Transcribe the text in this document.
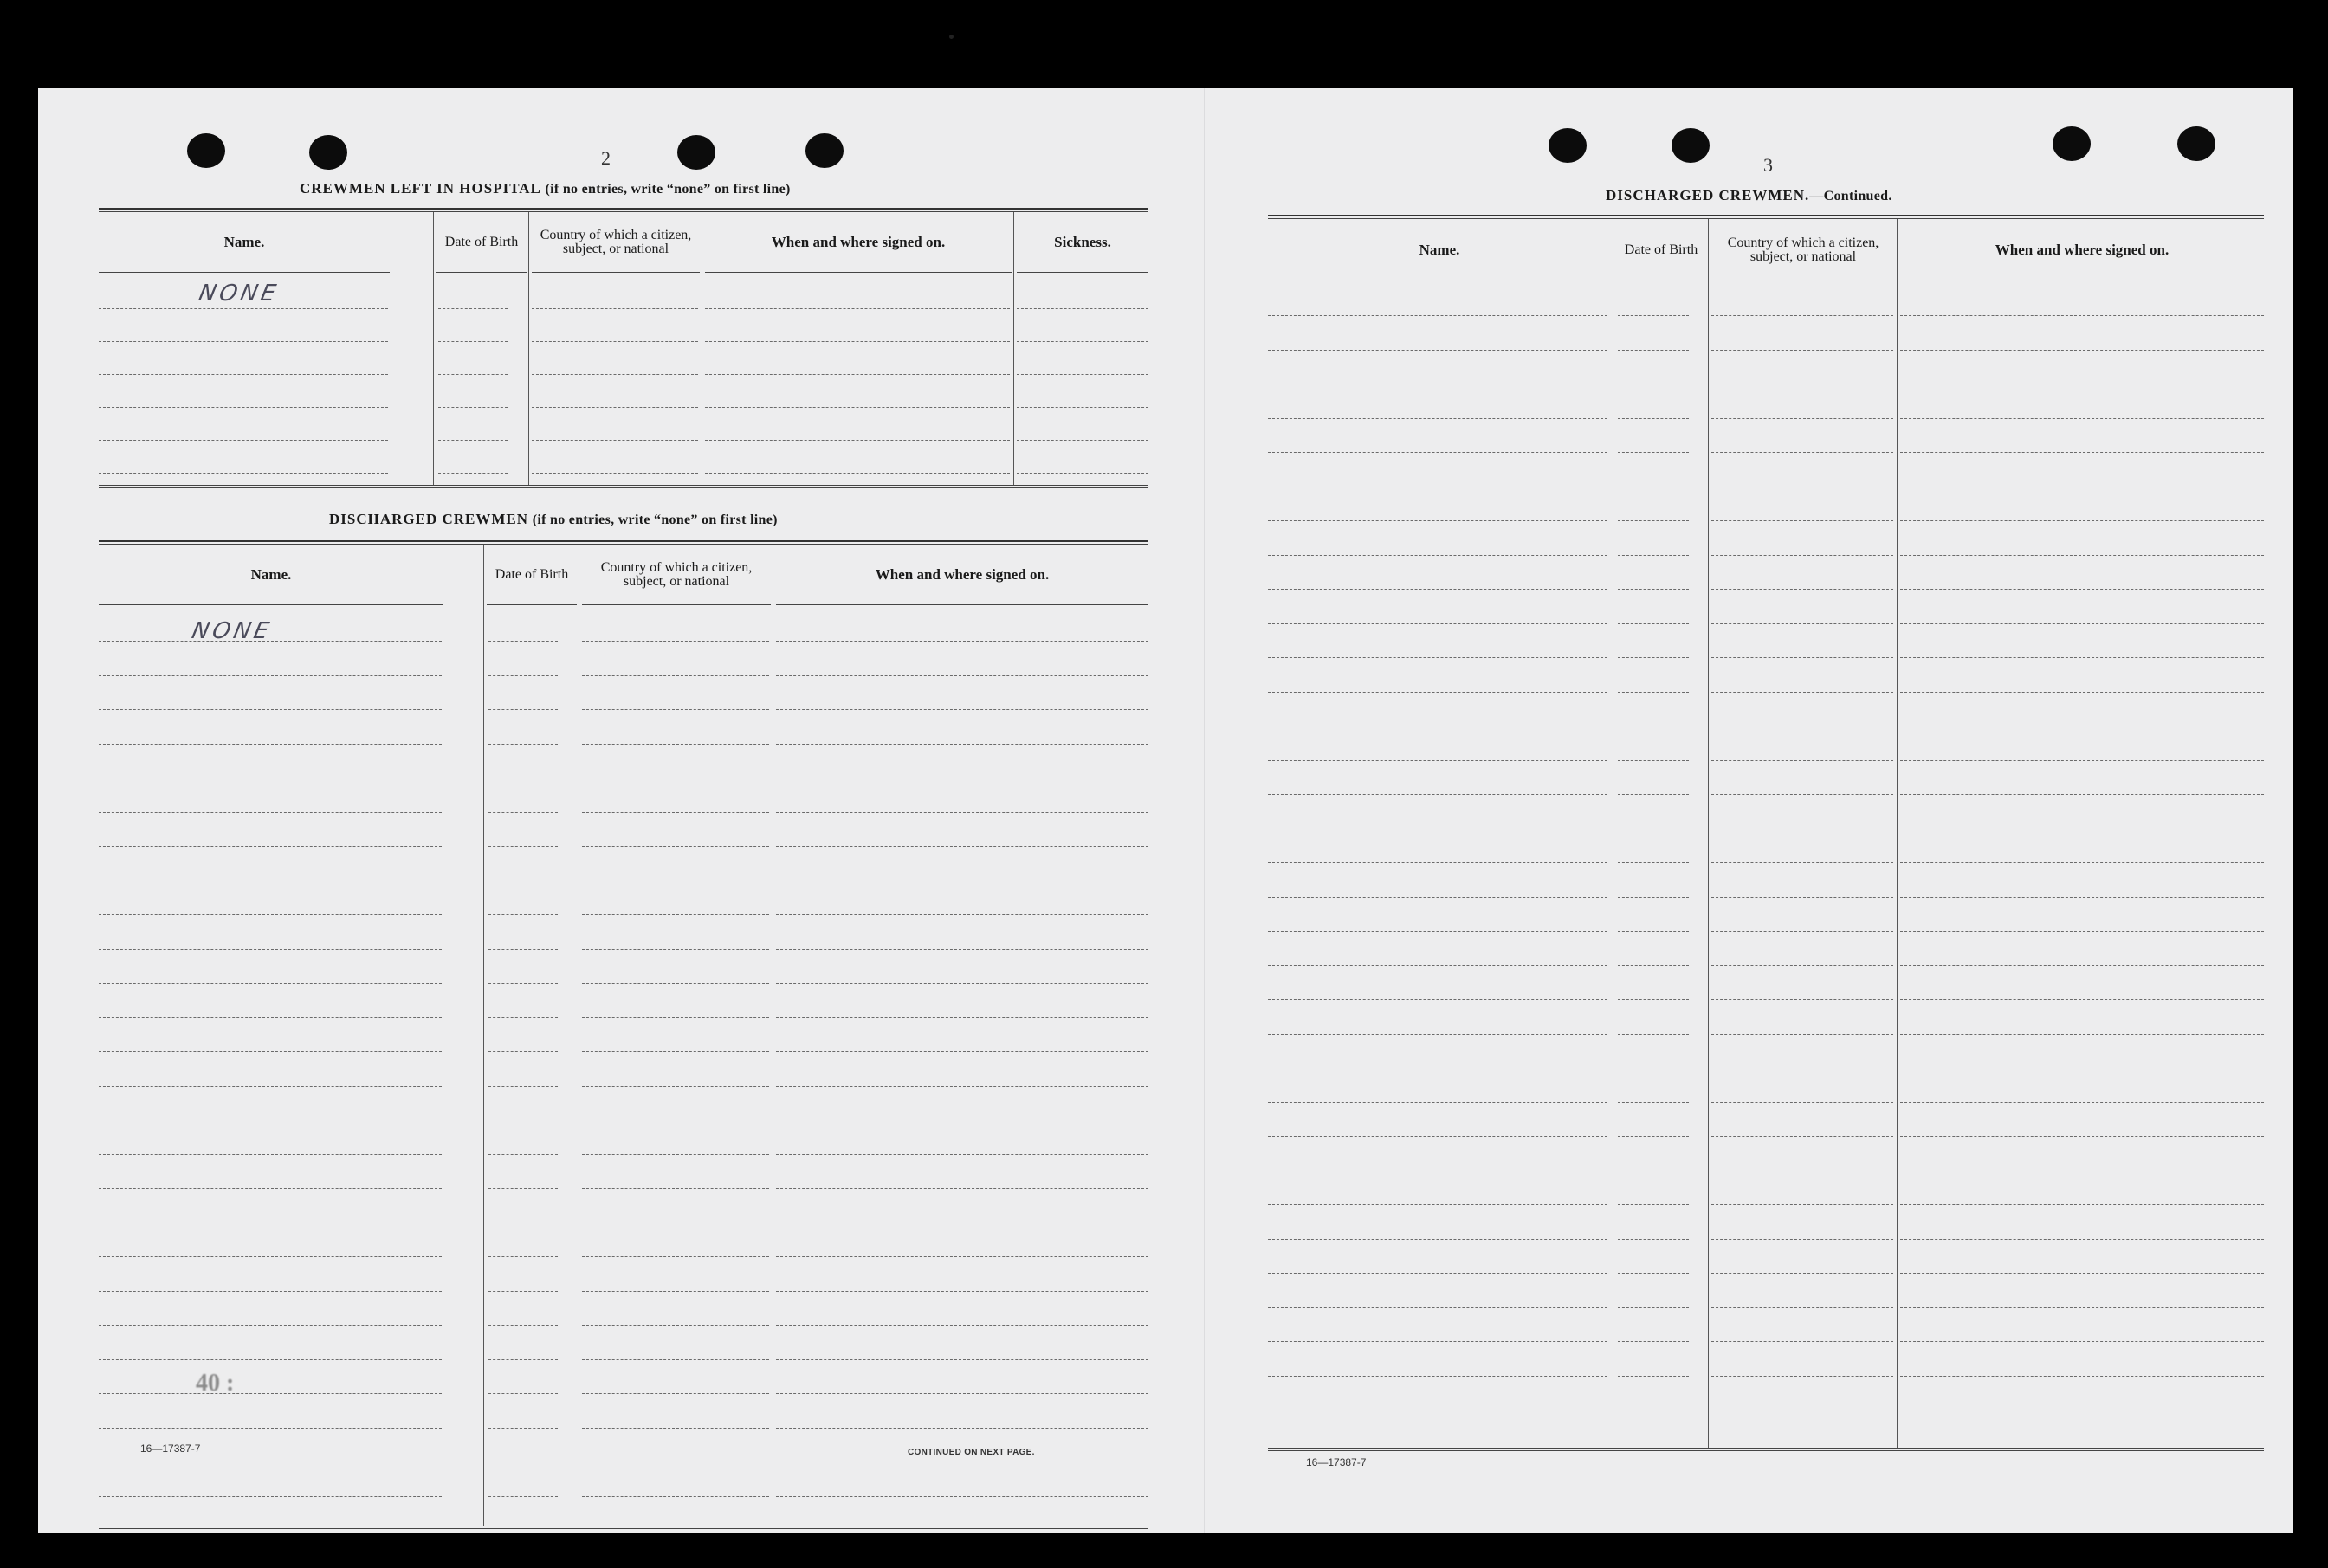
2
CREWMEN LEFT IN HOSPITAL (if no entries, write “none” on first line)
Name.	Date of Birth	Country of which a citizen, subject, or national	When and where signed on.	Sickness.
NONE
DISCHARGED CREWMEN (if no entries, write “none” on first line)
Name.	Date of Birth	Country of which a citizen, subject, or national	When and where signed on.
NONE
40 :
16—17387-7	CONTINUED ON NEXT PAGE.
3
DISCHARGED CREWMEN.—Continued.
Name.	Date of Birth	Country of which a citizen, subject, or national	When and where signed on.
16—17387-7
